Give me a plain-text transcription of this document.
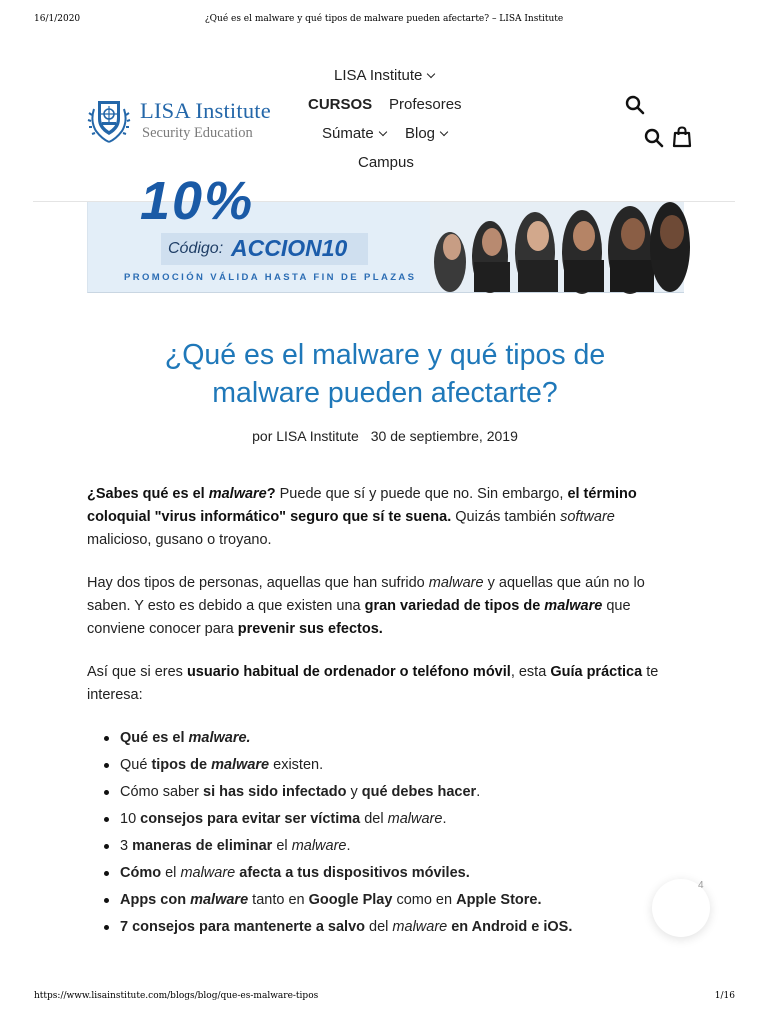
16/1/2020	¿Qué es el malware y qué tipos de malware pueden afectarte? – LISA Institute
LISA Institute
Security Education
LISA Institute
CURSOS Profesores
Súmate	Blog
Campus
10%
Código: ACCION10
PROMOCIÓN VÁLIDA HASTA FIN DE PLAZAS
¿Qué es el malware y qué tipos de
malware pueden afectarte?
por LISA Institute 30 de septiembre, 2019

¿Sabes qué es el malware? Puede que sí y puede que no. Sin embargo, el término coloquial "virus informático" seguro que sí te suena. Quizás también software malicioso, gusano o troyano.

Hay dos tipos de personas, aquellas que han sufrido malware y aquellas que aún no lo saben. Y esto es debido a que existen una gran variedad de tipos de malware que conviene conocer para prevenir sus efectos.

Así que si eres usuario habitual de ordenador o teléfono móvil, esta Guía práctica te interesa:

Qué es el malware.
Qué tipos de malware existen.
Cómo saber si has sido infectado y qué debes hacer.
10 consejos para evitar ser víctima del malware.
3 maneras de eliminar el malware.
Cómo el malware afecta a tus dispositivos móviles.
Apps con malware tanto en Google Play como en Apple Store.
7 consejos para mantenerte a salvo del malware en Android e iOS.
4
https://www.lisainstitute.com/blogs/blog/que-es-malware-tipos	1/16
